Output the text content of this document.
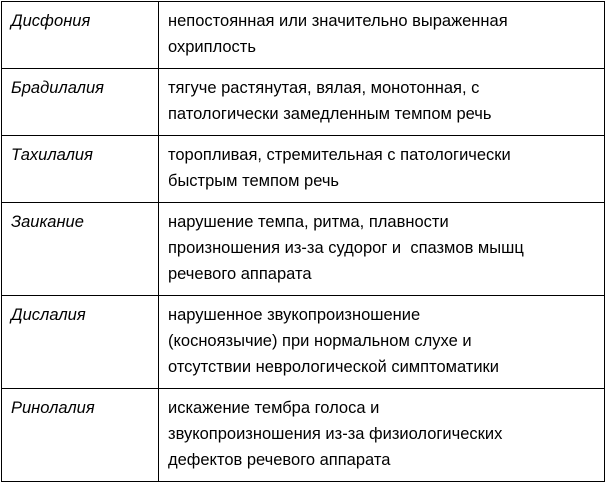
Дисфония	непостоянная или значительно выраженная
охриплость
Брадилалия	тягуче растянутая, вялая, монотонная, с
патологически замедленным темпом речь
Тахилалия	торопливая, стремительная с патологически
быстрым темпом речь
Заикание	нарушение темпа, ритма, плавности
произношения из-за судорог и  спазмов мышц
речевого аппарата
Дислалия	нарушенное звукопроизношение
(косноязычие) при нормальном слухе и
отсутствии неврологической симптоматики
Ринолалия	искажение тембра голоса и
звукопроизношения из-за физиологических
дефектов речевого аппарата
